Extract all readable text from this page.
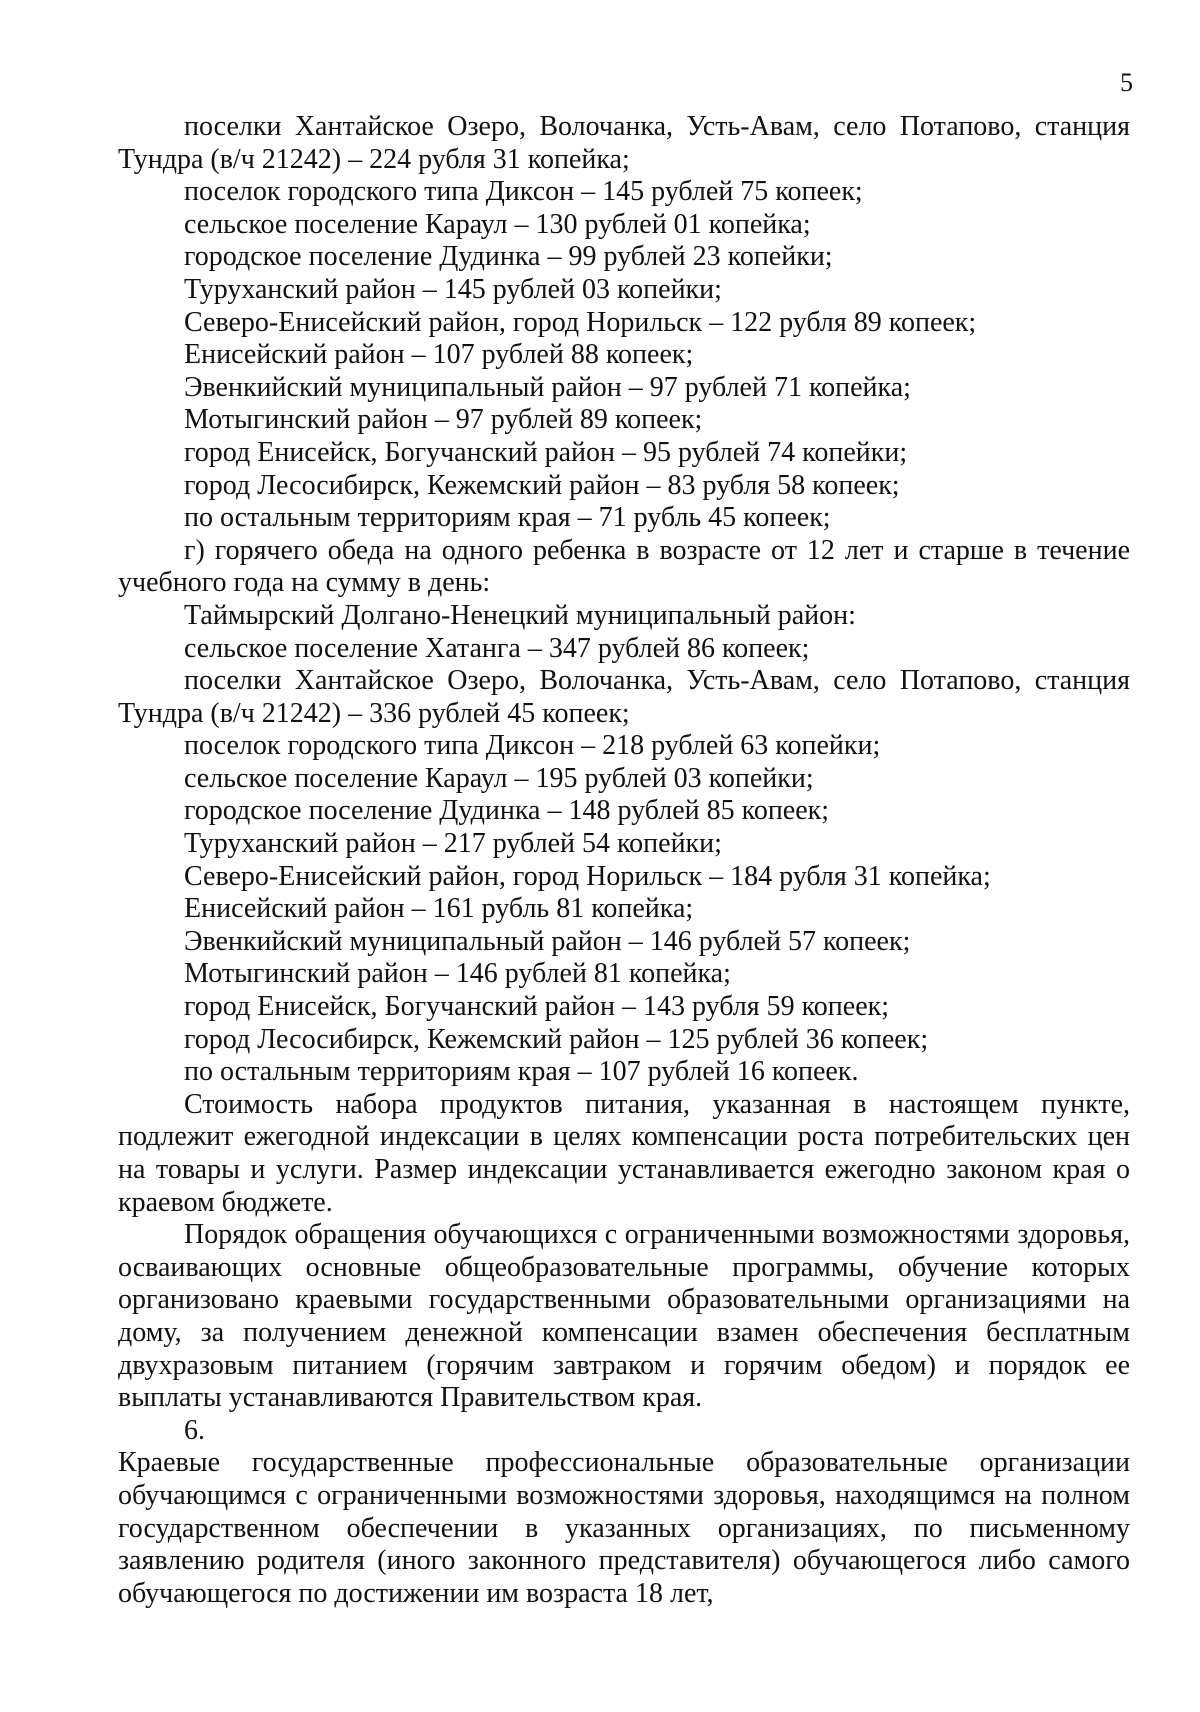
5

поселки Хантайское Озеро, Волочанка, Усть-Авам, село Потапово, станция Тундра (в/ч 21242) – 224 рубля 31 копейка;

поселок городского типа Диксон – 145 рублей 75 копеек;

сельское поселение Караул – 130 рублей 01 копейка;

городское поселение Дудинка – 99 рублей 23 копейки;

Туруханский район – 145 рублей 03 копейки;

Северо-Енисейский район, город Норильск – 122 рубля 89 копеек;

Енисейский район – 107 рублей 88 копеек;

Эвенкийский муниципальный район – 97 рублей 71 копейка;

Мотыгинский район – 97 рублей 89 копеек;

город Енисейск, Богучанский район – 95 рублей 74 копейки;

город Лесосибирск, Кежемский район – 83 рубля 58 копеек;

по остальным территориям края – 71 рубль 45 копеек;

г) горячего обеда на одного ребенка в возрасте от 12 лет и старше в течение учебного года на сумму в день:

Таймырский Долгано-Ненецкий муниципальный район:

сельское поселение Хатанга – 347 рублей 86 копеек;

поселки Хантайское Озеро, Волочанка, Усть-Авам, село Потапово, станция Тундра (в/ч 21242) – 336 рублей 45 копеек;

поселок городского типа Диксон – 218 рублей 63 копейки;

сельское поселение Караул – 195 рублей 03 копейки;

городское поселение Дудинка – 148 рублей 85 копеек;

Туруханский район – 217 рублей 54 копейки;

Северо-Енисейский район, город Норильск – 184 рубля 31 копейка;

Енисейский район – 161 рубль 81 копейка;

Эвенкийский муниципальный район – 146 рублей 57 копеек;

Мотыгинский район – 146 рублей 81 копейка;

город Енисейск, Богучанский район – 143 рубля 59 копеек;

город Лесосибирск, Кежемский район – 125 рублей 36 копеек;

по остальным территориям края – 107 рублей 16 копеек.

Стоимость набора продуктов питания, указанная в настоящем пункте, подлежит ежегодной индексации в целях компенсации роста потребительских цен на товары и услуги. Размер индексации устанавливается ежегодно законом края о краевом бюджете.

Порядок обращения обучающихся с ограниченными возможностями здоровья, осваивающих основные общеобразовательные программы, обучение которых организовано краевыми государственными образовательными организациями на дому, за получением денежной компенсации взамен обеспечения бесплатным двухразовым питанием (горячим завтраком и горячим обедом) и порядок ее выплаты устанавливаются Правительством края.

6.

Краевые государственные профессиональные образовательные организации обучающимся с ограниченными возможностями здоровья, находящимся на полном государственном обеспечении в указанных организациях, по письменному заявлению родителя (иного законного представителя) обучающегося либо самого обучающегося по достижении им возраста 18 лет,
